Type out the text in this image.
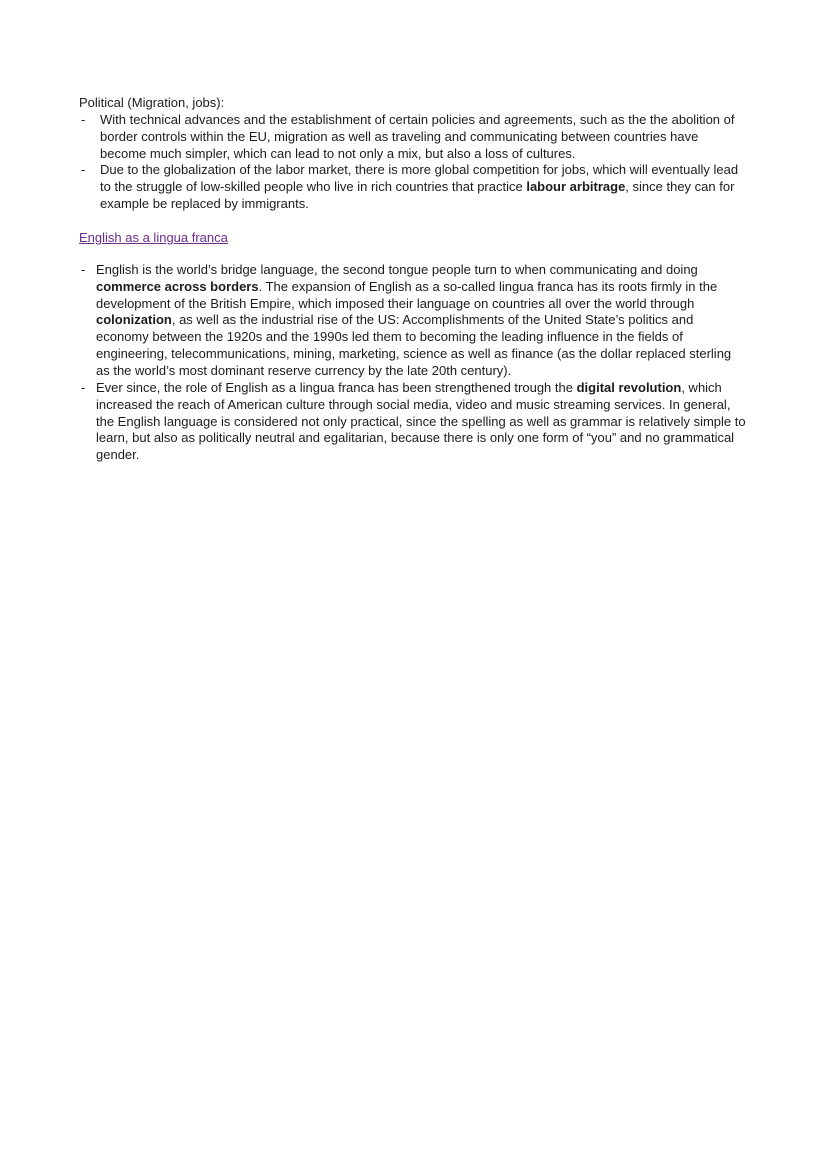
Political (Migration, jobs):
- With technical advances and the establishment of certain policies and agreements, such as the the abolition of border controls within the EU, migration as well as traveling and communicating between countries have become much simpler, which can lead to not only a mix, but also a loss of cultures.

- Due to the globalization of the labor market, there is more global competition for jobs, which will eventually lead to the struggle of low-skilled people who live in rich countries that practice labour arbitrage, since they can for example be replaced by immigrants.

English as a lingua franca
- English is the world’s bridge language, the second tongue people turn to when communicating and doing commerce across borders. The expansion of English as a so-called lingua franca has its roots firmly in the development of the British Empire, which imposed their language on countries all over the world through colonization, as well as the industrial rise of the US: Accomplishments of the United State’s politics and economy between the 1920s and the 1990s led them to becoming the leading influence in the fields of engineering, telecommunications, mining, marketing, science as well as finance (as the dollar replaced sterling as the world’s most dominant reserve currency by the late 20th century).

- Ever since, the role of English as a lingua franca has been strengthened trough the digital revolution, which increased the reach of American culture through social media, video and music streaming services. In general, the English language is considered not only practical, since the spelling as well as grammar is relatively simple to learn, but also as politically neutral and egalitarian, because there is only one form of “you” and no grammatical gender.
